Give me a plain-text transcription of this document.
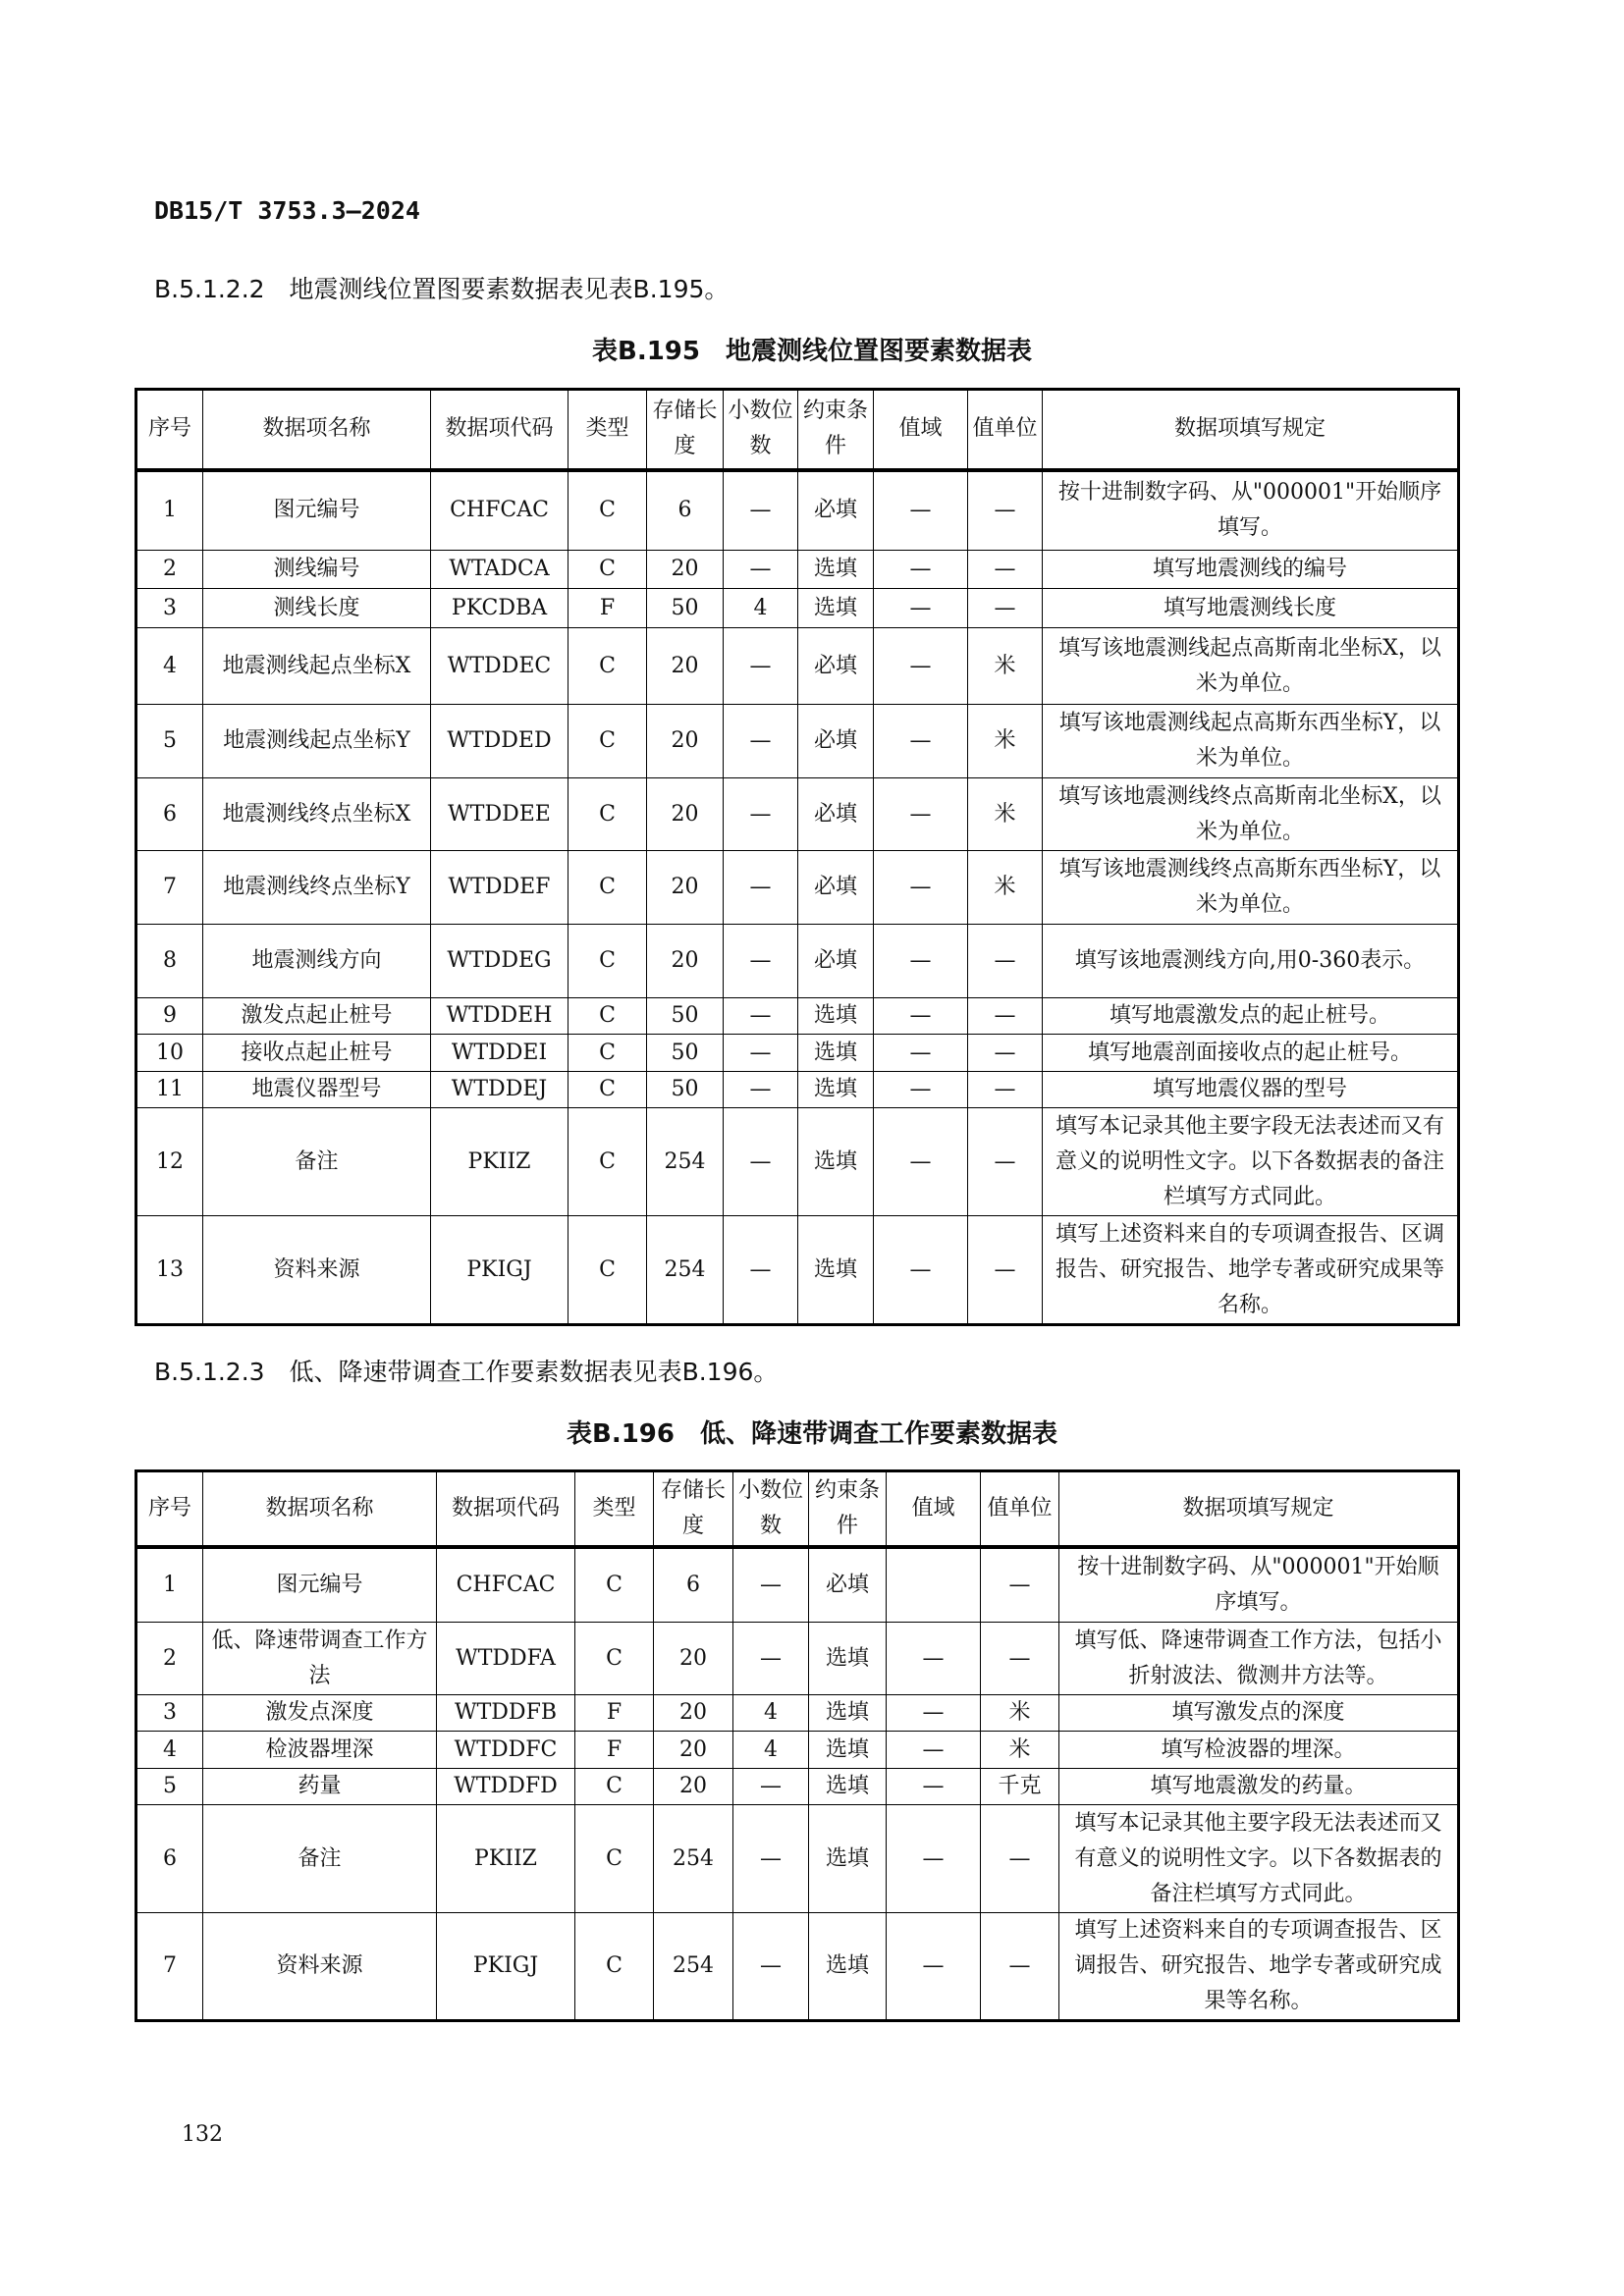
DB15/T 3753.3—2024
B.5.1.2.2　地震测线位置图要素数据表见表B.195。
表B.195　地震测线位置图要素数据表
序号	数据项名称	数据项代码	类型	存储长度	小数位数	约束条件	值域	值单位	数据项填写规定
1	图元编号	CHFCAC	C	6	—	必填	—	—	按十进制数字码、从"000001"开始顺序填写。
2	测线编号	WTADCA	C	20	—	选填	—	—	填写地震测线的编号
3	测线长度	PKCDBA	F	50	4	选填	—	—	填写地震测线长度
4	地震测线起点坐标X	WTDDEC	C	20	—	必填	—	米	填写该地震测线起点高斯南北坐标X，以米为单位。
5	地震测线起点坐标Y	WTDDED	C	20	—	必填	—	米	填写该地震测线起点高斯东西坐标Y，以米为单位。
6	地震测线终点坐标X	WTDDEE	C	20	—	必填	—	米	填写该地震测线终点高斯南北坐标X，以米为单位。
7	地震测线终点坐标Y	WTDDEF	C	20	—	必填	—	米	填写该地震测线终点高斯东西坐标Y，以米为单位。
8	地震测线方向	WTDDEG	C	20	—	必填	—	—	填写该地震测线方向,用0-360表示。
9	激发点起止桩号	WTDDEH	C	50	—	选填	—	—	填写地震激发点的起止桩号。
10	接收点起止桩号	WTDDEI	C	50	—	选填	—	—	填写地震剖面接收点的起止桩号。
11	地震仪器型号	WTDDEJ	C	50	—	选填	—	—	填写地震仪器的型号
12	备注	PKIIZ	C	254	—	选填	—	—	填写本记录其他主要字段无法表述而又有意义的说明性文字。以下各数据表的备注栏填写方式同此。
13	资料来源	PKIGJ	C	254	—	选填	—	—	填写上述资料来自的专项调查报告、区调报告、研究报告、地学专著或研究成果等名称。
B.5.1.2.3　低、降速带调查工作要素数据表见表B.196。
表B.196　低、降速带调查工作要素数据表
序号	数据项名称	数据项代码	类型	存储长度	小数位数	约束条件	值域	值单位	数据项填写规定
1	图元编号	CHFCAC	C	6	—	必填		—	按十进制数字码、从"000001"开始顺序填写。
2	低、降速带调查工作方法	WTDDFA	C	20	—	选填	—	—	填写低、降速带调查工作方法，包括小折射波法、微测井方法等。
3	激发点深度	WTDDFB	F	20	4	选填	—	米	填写激发点的深度
4	检波器埋深	WTDDFC	F	20	4	选填	—	米	填写检波器的埋深。
5	药量	WTDDFD	C	20	—	选填	—	千克	填写地震激发的药量。
6	备注	PKIIZ	C	254	—	选填	—	—	填写本记录其他主要字段无法表述而又有意义的说明性文字。以下各数据表的备注栏填写方式同此。
7	资料来源	PKIGJ	C	254	—	选填	—	—	填写上述资料来自的专项调查报告、区调报告、研究报告、地学专著或研究成果等名称。
132
